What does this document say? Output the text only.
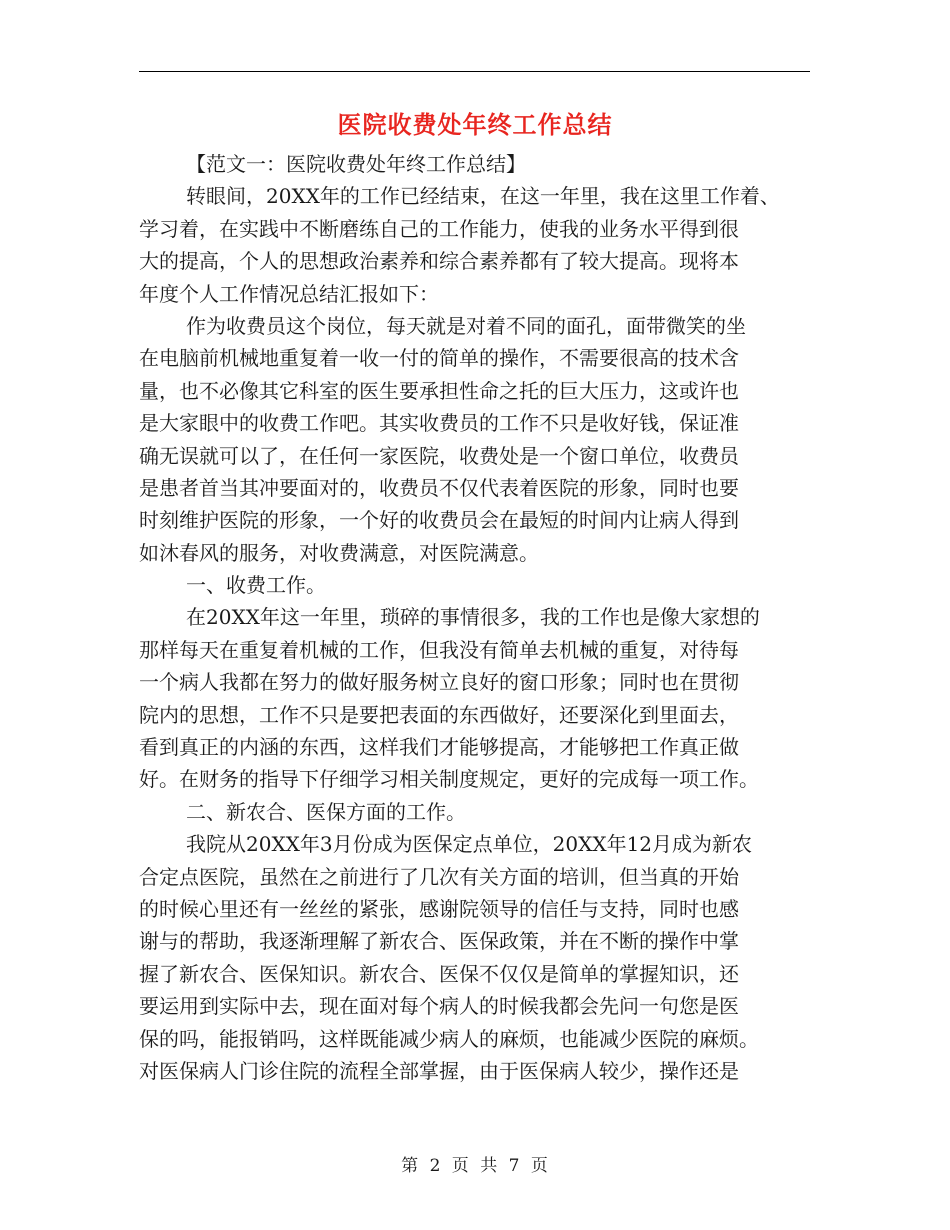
医院收费处年终工作总结
【范文一：医院收费处年终工作总结】
转眼间，20XX年的工作已经结束，在这一年里，我在这里工作着、
学习着，在实践中不断磨练自己的工作能力，使我的业务水平得到很
大的提高，个人的思想政治素养和综合素养都有了较大提高。现将本
年度个人工作情况总结汇报如下：
作为收费员这个岗位，每天就是对着不同的面孔，面带微笑的坐
在电脑前机械地重复着一收一付的简单的操作，不需要很高的技术含
量，也不必像其它科室的医生要承担性命之托的巨大压力，这或许也
是大家眼中的收费工作吧。其实收费员的工作不只是收好钱，保证准
确无误就可以了，在任何一家医院，收费处是一个窗口单位，收费员
是患者首当其冲要面对的，收费员不仅代表着医院的形象，同时也要
时刻维护医院的形象，一个好的收费员会在最短的时间内让病人得到
如沐春风的服务，对收费满意，对医院满意。
一、收费工作。
在20XX年这一年里，琐碎的事情很多，我的工作也是像大家想的
那样每天在重复着机械的工作，但我没有简单去机械的重复，对待每
一个病人我都在努力的做好服务树立良好的窗口形象；同时也在贯彻
院内的思想，工作不只是要把表面的东西做好，还要深化到里面去，
看到真正的内涵的东西，这样我们才能够提高，才能够把工作真正做
好。在财务的指导下仔细学习相关制度规定，更好的完成每一项工作。
二、新农合、医保方面的工作。
我院从20XX年3月份成为医保定点单位，20XX年12月成为新农
合定点医院，虽然在之前进行了几次有关方面的培训，但当真的开始
的时候心里还有一丝丝的紧张，感谢院领导的信任与支持，同时也感
谢与的帮助，我逐渐理解了新农合、医保政策，并在不断的操作中掌
握了新农合、医保知识。新农合、医保不仅仅是简单的掌握知识，还
要运用到实际中去，现在面对每个病人的时候我都会先问一句您是医
保的吗，能报销吗，这样既能减少病人的麻烦，也能减少医院的麻烦。
对医保病人门诊住院的流程全部掌握，由于医保病人较少，操作还是
第 2 页 共 7 页
